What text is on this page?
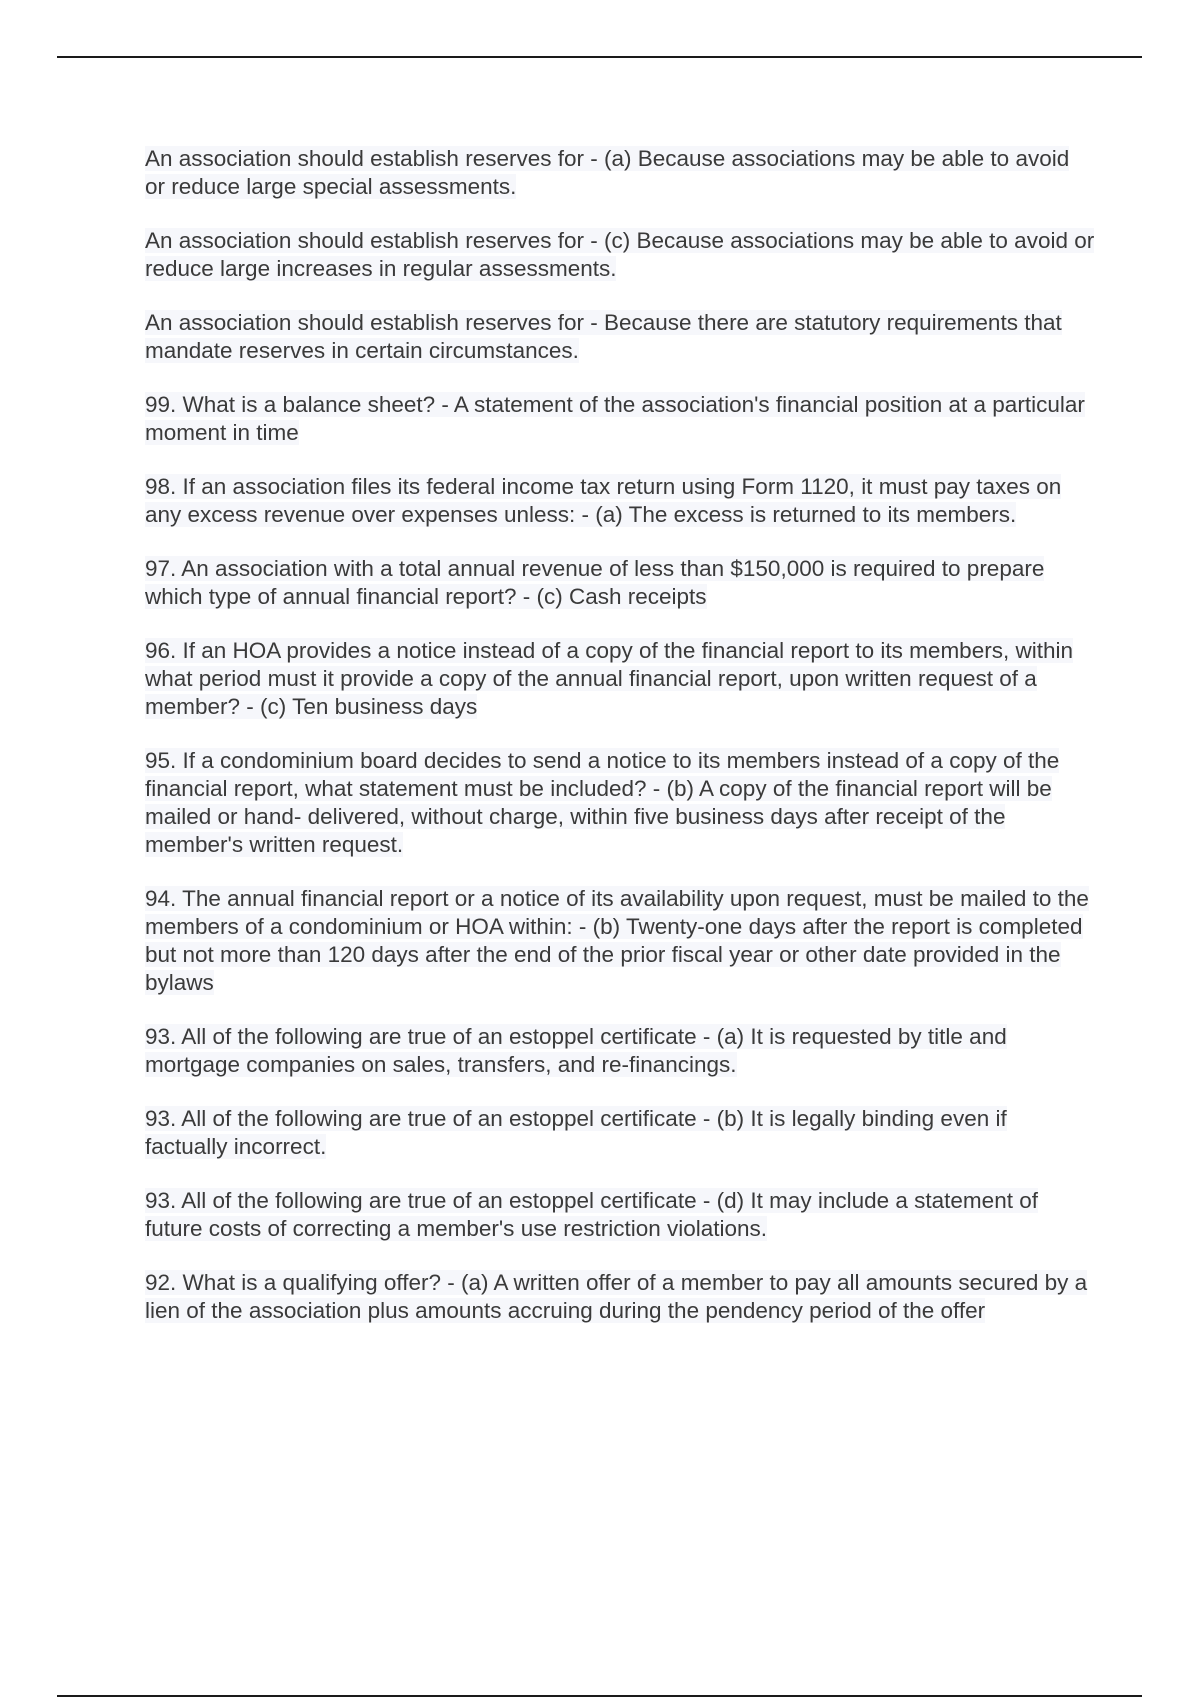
An association should establish reserves for - (a) Because associations may be able to avoid or reduce large special assessments.

An association should establish reserves for - (c) Because associations may be able to avoid or reduce large increases in regular assessments.

An association should establish reserves for - Because there are statutory requirements that mandate reserves in certain circumstances.

99. What is a balance sheet? - A statement of the association's financial position at a particular moment in time

98. If an association files its federal income tax return using Form 1120, it must pay taxes on any excess revenue over expenses unless: - (a) The excess is returned to its members.

97. An association with a total annual revenue of less than $150,000 is required to prepare which type of annual financial report? - (c) Cash receipts

96. If an HOA provides a notice instead of a copy of the financial report to its members, within what period must it provide a copy of the annual financial report, upon written request of a member? - (c) Ten business days

95. If a condominium board decides to send a notice to its members instead of a copy of the financial report, what statement must be included? - (b) A copy of the financial report will be mailed or hand- delivered, without charge, within five business days after receipt of the member's written request.

94. The annual financial report or a notice of its availability upon request, must be mailed to the members of a condominium or HOA within: - (b) Twenty-one days after the report is completed but not more than 120 days after the end of the prior fiscal year or other date provided in the bylaws

93. All of the following are true of an estoppel certificate - (a) It is requested by title and mortgage companies on sales, transfers, and re-financings.

93. All of the following are true of an estoppel certificate - (b) It is legally binding even if factually incorrect.

93. All of the following are true of an estoppel certificate - (d) It may include a statement of future costs of correcting a member's use restriction violations.

92. What is a qualifying offer? - (a) A written offer of a member to pay all amounts secured by a lien of the association plus amounts accruing during the pendency period of the offer
